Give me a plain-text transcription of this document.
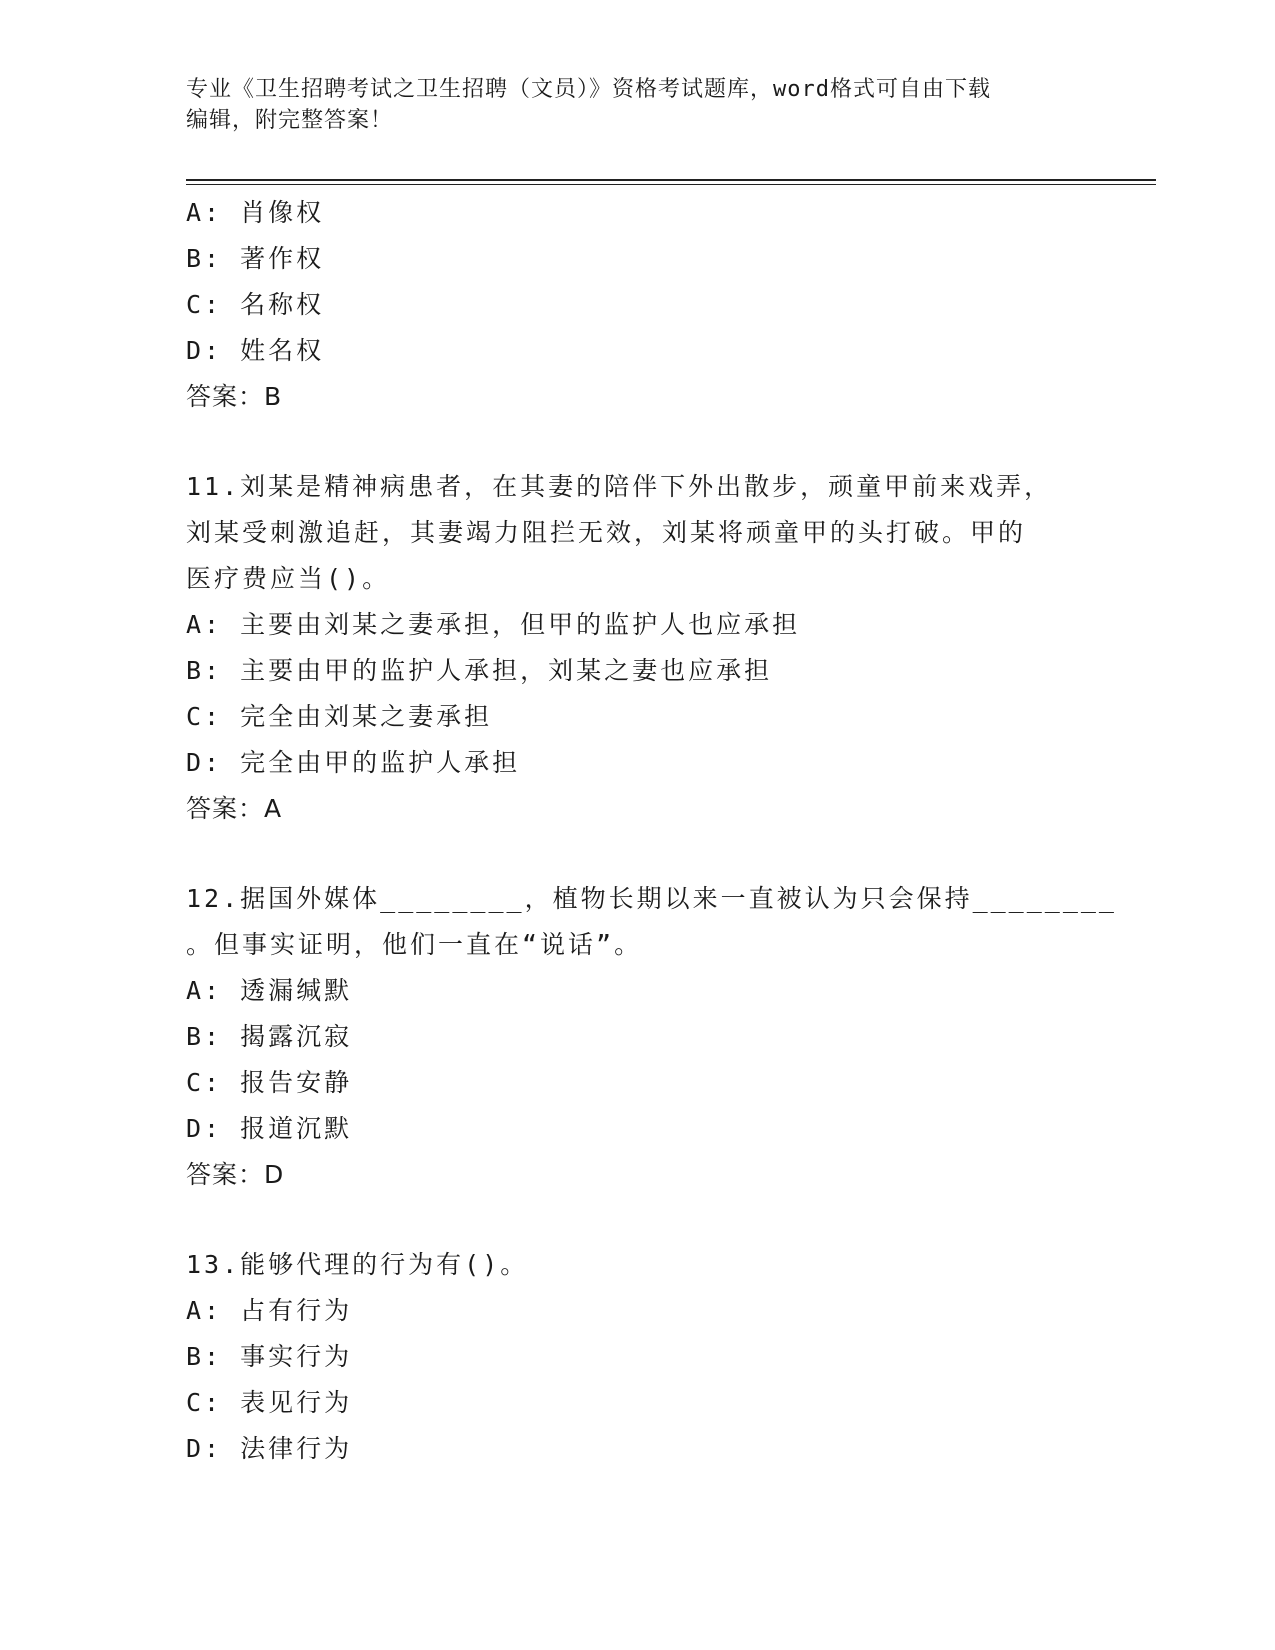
专业《卫生招聘考试之卫生招聘（文员）》资格考试题库，word格式可自由下载
编辑，附完整答案！
A: 肖像权
B: 著作权
C: 名称权
D: 姓名权
答案：B
11.刘某是精神病患者，在其妻的陪伴下外出散步，顽童甲前来戏弄，
刘某受刺激追赶，其妻竭力阻拦无效，刘某将顽童甲的头打破。甲的
医疗费应当()。
A: 主要由刘某之妻承担，但甲的监护人也应承担
B: 主要由甲的监护人承担，刘某之妻也应承担
C: 完全由刘某之妻承担
D: 完全由甲的监护人承担
答案：A
12.据国外媒体________，植物长期以来一直被认为只会保持________
。但事实证明，他们一直在“说话”。
A: 透漏缄默
B: 揭露沉寂
C: 报告安静
D: 报道沉默
答案：D
13.能够代理的行为有()。
A: 占有行为
B: 事实行为
C: 表见行为
D: 法律行为
